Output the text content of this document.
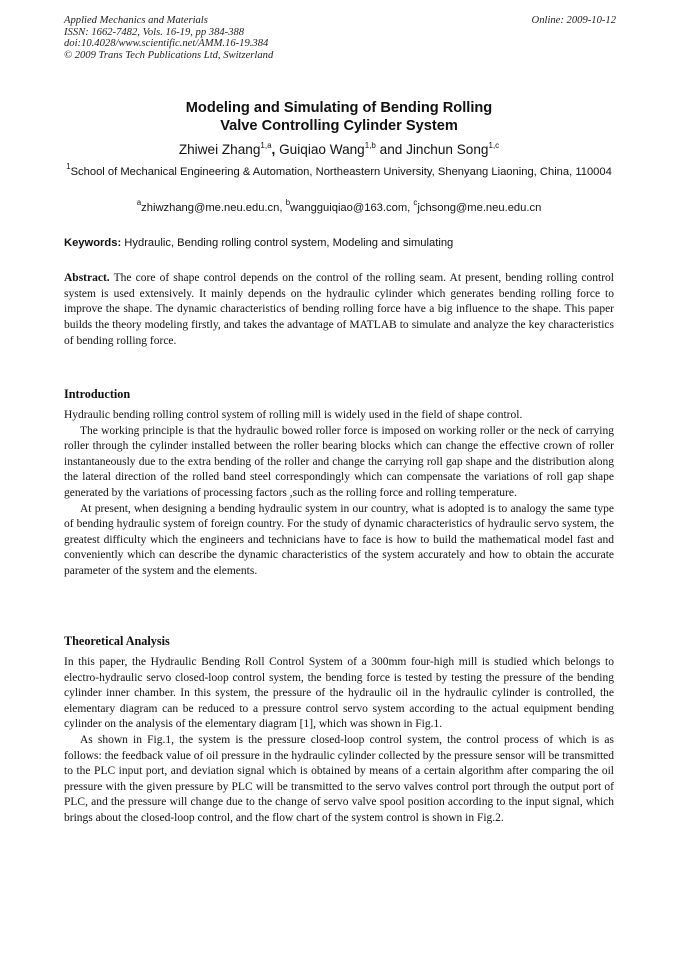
Applied Mechanics and Materials
ISSN: 1662-7482, Vols. 16-19, pp 384-388
doi:10.4028/www.scientific.net/AMM.16-19.384
© 2009 Trans Tech Publications Ltd, Switzerland
Online: 2009-10-12
Modeling and Simulating of Bending Rolling
Valve Controlling Cylinder System
Zhiwei Zhang$^{1,a}$, Guiqiao Wang$^{1,b}$ and Jinchun Song$^{1,c}$
$^1$School of Mechanical Engineering & Automation, Northeastern University, Shenyang Liaoning, China, 110004
$^a$zhiwzhang@me.neu.edu.cn, $^b$wangguiqiao@163.com, $^c$jchsong@me.neu.edu.cn
Keywords: Hydraulic, Bending rolling control system, Modeling and simulating

Abstract. The core of shape control depends on the control of the rolling seam. At present, bending rolling control system is used extensively. It mainly depends on the hydraulic cylinder which generates bending rolling force to improve the shape. The dynamic characteristics of bending rolling force have a big influence to the shape. This paper builds the theory modeling firstly, and takes the advantage of MATLAB to simulate and analyze the key characteristics of bending rolling force.

Introduction

Hydraulic bending rolling control system of rolling mill is widely used in the field of shape control.

The working principle is that the hydraulic bowed roller force is imposed on working roller or the neck of carrying roller through the cylinder installed between the roller bearing blocks which can change the effective crown of roller instantaneously due to the extra bending of the roller and change the carrying roll gap shape and the distribution along the lateral direction of the rolled band steel correspondingly which can compensate the variations of roll gap shape generated by the variations of processing factors ,such as the rolling force and rolling temperature.

At present, when designing a bending hydraulic system in our country, what is adopted is to analogy the same type of bending hydraulic system of foreign country. For the study of dynamic characteristics of hydraulic servo system, the greatest difficulty which the engineers and technicians have to face is how to build the mathematical model fast and conveniently which can describe the dynamic characteristics of the system accurately and how to obtain the accurate parameter of the system and the elements.

Theoretical Analysis

In this paper, the Hydraulic Bending Roll Control System of a 300mm four-high mill is studied which belongs to electro-hydraulic servo closed-loop control system, the bending force is tested by testing the pressure of the bending cylinder inner chamber. In this system, the pressure of the hydraulic oil in the hydraulic cylinder is controlled, the elementary diagram can be reduced to a pressure control servo system according to the actual equipment bending cylinder on the analysis of the elementary diagram [1], which was shown in Fig.1.

As shown in Fig.1, the system is the pressure closed-loop control system, the control process of which is as follows: the feedback value of oil pressure in the hydraulic cylinder collected by the pressure sensor will be transmitted to the PLC input port, and deviation signal which is obtained by means of a certain algorithm after comparing the oil pressure with the given pressure by PLC will be transmitted to the servo valves control port through the output port of PLC, and the pressure will change due to the change of servo valve spool position according to the input signal, which brings about the closed-loop control, and the flow chart of the system control is shown in Fig.2.
